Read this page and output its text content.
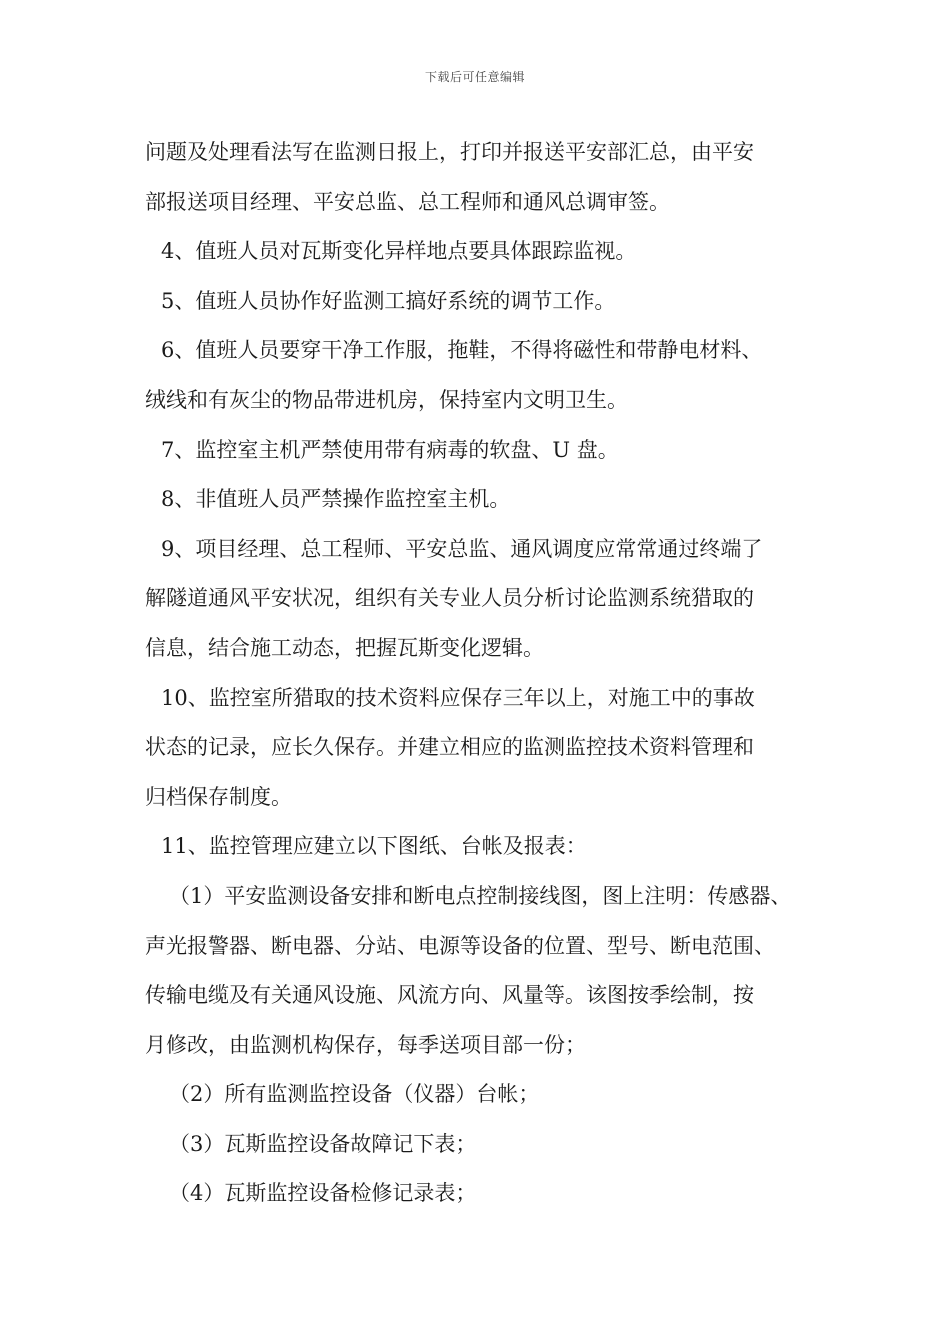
下载后可任意编辑
问题及处理看法写在监测日报上，打印并报送平安部汇总，由平安
部报送项目经理、平安总监、总工程师和通风总调审签。
4、值班人员对瓦斯变化异样地点要具体跟踪监视。
5、值班人员协作好监测工搞好系统的调节工作。
6、值班人员要穿干净工作服，拖鞋，不得将磁性和带静电材料、
绒线和有灰尘的物品带进机房，保持室内文明卫生。
7、监控室主机严禁使用带有病毒的软盘、U 盘。
8、非值班人员严禁操作监控室主机。
9、项目经理、总工程师、平安总监、通风调度应常常通过终端了
解隧道通风平安状况，组织有关专业人员分析讨论监测系统猎取的
信息，结合施工动态，把握瓦斯变化逻辑。
10、监控室所猎取的技术资料应保存三年以上，对施工中的事故
状态的记录，应长久保存。并建立相应的监测监控技术资料管理和
归档保存制度。
11、监控管理应建立以下图纸、台帐及报表：
（1）平安监测设备安排和断电点控制接线图，图上注明：传感器、
声光报警器、断电器、分站、电源等设备的位置、型号、断电范围、
传输电缆及有关通风设施、风流方向、风量等。该图按季绘制，按
月修改，由监测机构保存，每季送项目部一份；
（2）所有监测监控设备（仪器）台帐；
（3）瓦斯监控设备故障记下表；
（4）瓦斯监控设备检修记录表；
